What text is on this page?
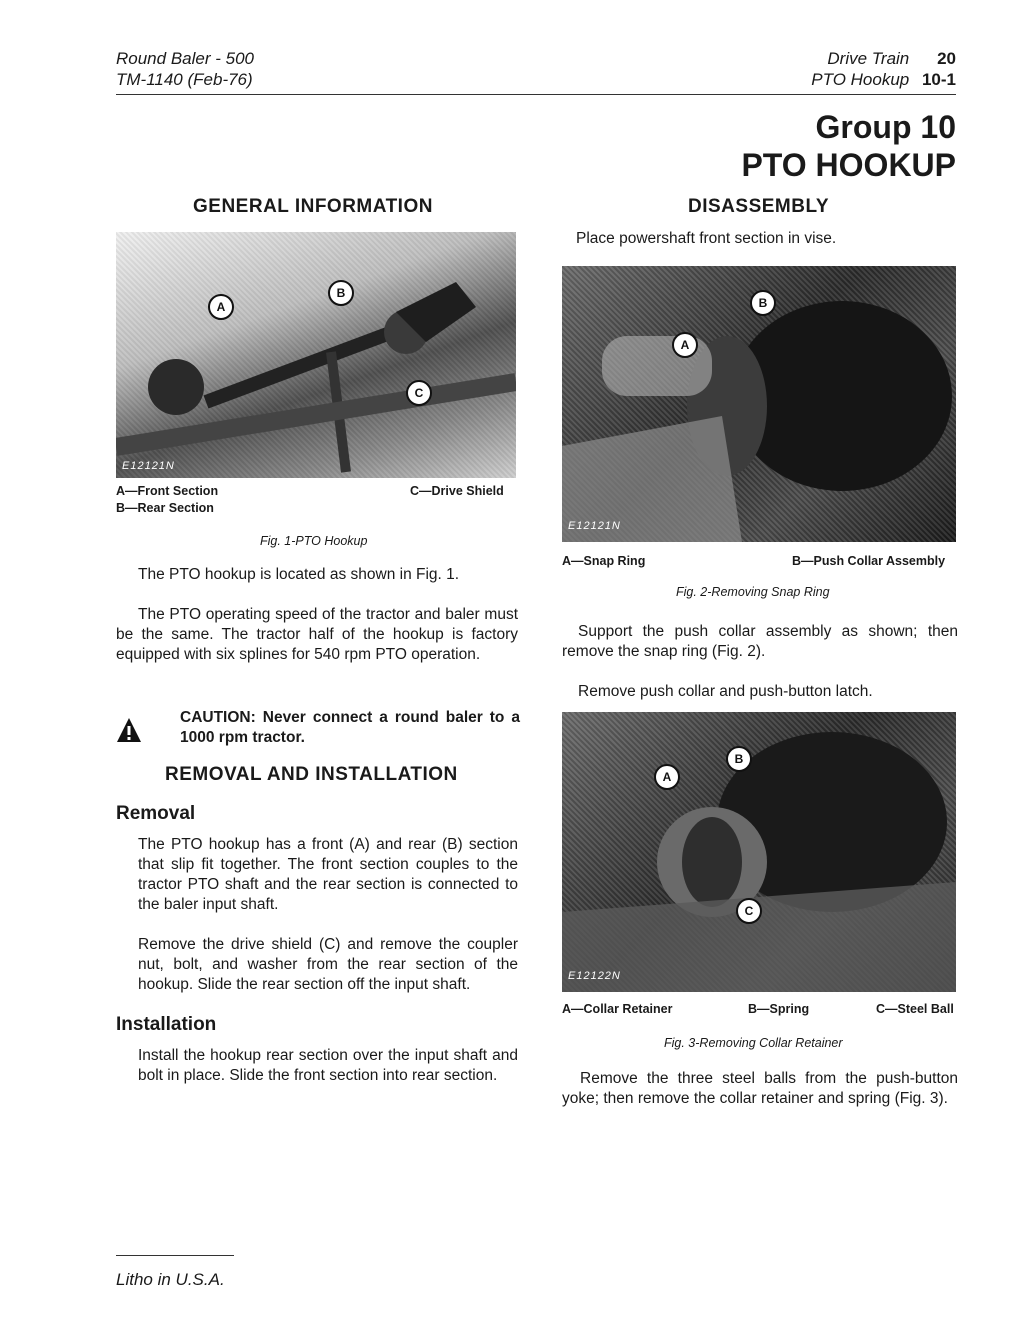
Round Baler - 500
TM-1140 (Feb-76)
Drive Train 20
PTO Hookup 10-1
Group 10
PTO HOOKUP
GENERAL INFORMATION
A
B
C
E12121N
A—Front Section
B—Rear Section
C—Drive Shield
Fig. 1-PTO Hookup
The PTO hookup is located as shown in Fig. 1.
The PTO operating speed of the tractor and baler must be the same. The tractor half of the hookup is factory equipped with six splines for 540 rpm PTO operation.
CAUTION: Never connect a round baler to a 1000 rpm tractor.
REMOVAL AND INSTALLATION
Removal
The PTO hookup has a front (A) and rear (B) section that slip fit together. The front section couples to the tractor PTO shaft and the rear section is connected to the baler input shaft.
Remove the drive shield (C) and remove the coupler nut, bolt, and washer from the rear section of the hookup. Slide the rear section off the input shaft.
Installation
Install the hookup rear section over the input shaft and bolt in place. Slide the front section into rear section.
DISASSEMBLY
Place powershaft front section in vise.
A
B
E12121N
A—Snap Ring	B—Push Collar Assembly
Fig. 2-Removing Snap Ring
Support the push collar assembly as shown; then remove the snap ring (Fig. 2).
Remove push collar and push-button latch.
A
B
C
E12122N
A—Collar Retainer	B—Spring	C—Steel Ball
Fig. 3-Removing Collar Retainer
Remove the three steel balls from the push-button yoke; then remove the collar retainer and spring (Fig. 3).
Litho in U.S.A.
